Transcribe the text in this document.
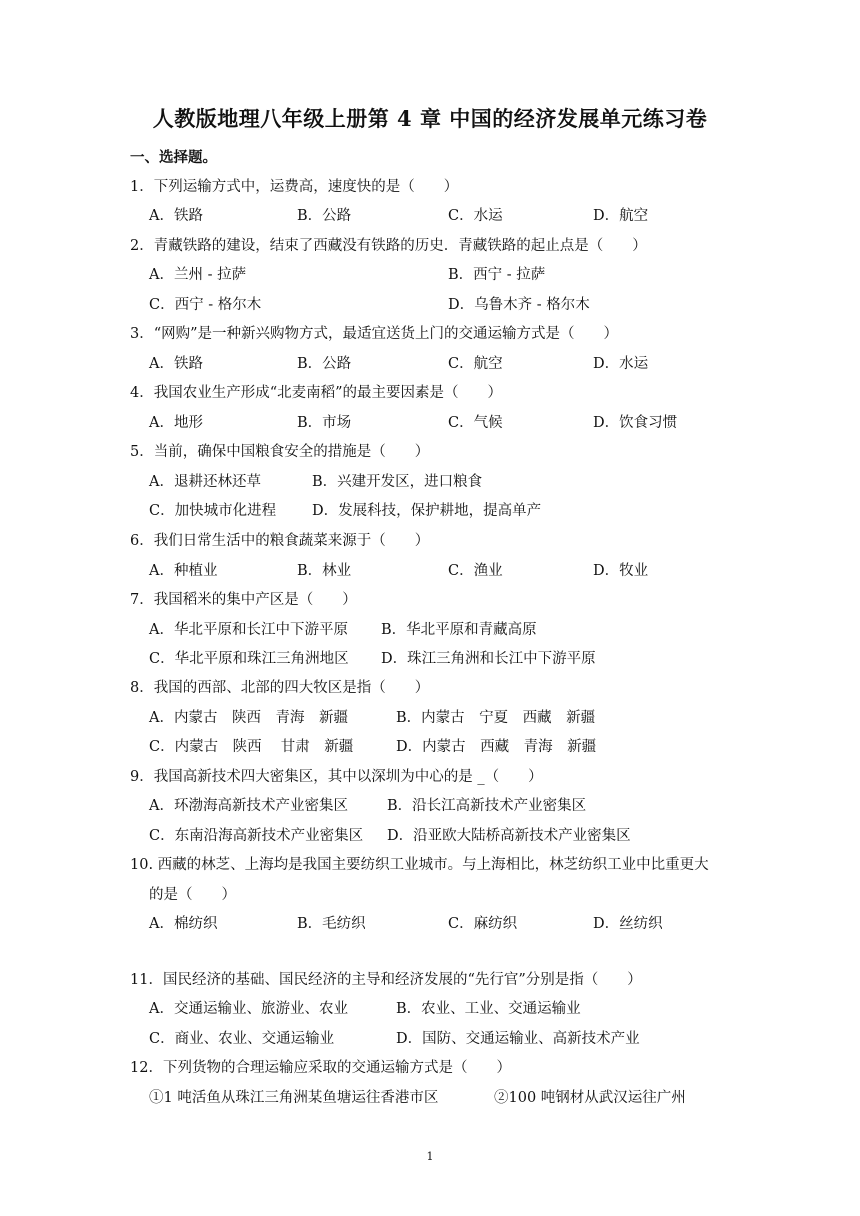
人教版地理八年级上册第 4 章 中国的经济发展单元练习卷
一、选择题。
1．下列运输方式中，运费高，速度快的是（　　）
A．铁路	B．公路	C．水运	D．航空
2．青藏铁路的建设，结束了西藏没有铁路的历史．青藏铁路的起止点是（　　）
A．兰州 - 拉萨	B．西宁 - 拉萨
C．西宁 - 格尔木	D．乌鲁木齐 - 格尔木
3．“网购”是一种新兴购物方式，最适宜送货上门的交通运输方式是（　　）
A．铁路	B．公路	C．航空	D．水运
4．我国农业生产形成“北麦南稻”的最主要因素是（　　）
A．地形	B．市场	C．气候	D．饮食习惯
5．当前，确保中国粮食安全的措施是（　　）
A．退耕还林还草	B．兴建开发区，进口粮食
C．加快城市化进程 D．发展科技，保护耕地，提高单产
6．我们日常生活中的粮食蔬菜来源于（　　）
A．种植业	B．林业	C．渔业	D．牧业
7．我国稻米的集中产区是（　　）
A．华北平原和长江中下游平原 B．华北平原和青藏高原
C．华北平原和珠江三角洲地区 D．珠江三角洲和长江中下游平原
8．我国的西部、北部的四大牧区是指（　　）
A．内蒙古　陕西　青海　新疆	B．内蒙古　宁夏　西藏　新疆
C．内蒙古　陕西　 甘肃　新疆	D．内蒙古　西藏　青海　新疆
9．我国高新技术四大密集区，其中以深圳为中心的是 _（　　）
A．环渤海高新技术产业密集区	B．沿长江高新技术产业密集区
C．东南沿海高新技术产业密集区 D．沿亚欧大陆桥高新技术产业密集区
10. 西藏的林芝、上海均是我国主要纺织工业城市。与上海相比，林芝纺织工业中比重更大
的是（　　）
A．棉纺织	B．毛纺织	C．麻纺织	D．丝纺织
11．国民经济的基础、国民经济的主导和经济发展的“先行官”分别是指（　　）
A．交通运输业、旅游业、农业	B．农业、工业、交通运输业
C．商业、农业、交通运输业	D．国防、交通运输业、高新技术产业
12．下列货物的合理运输应采取的交通运输方式是（　　）
①1 吨活鱼从珠江三角洲某鱼塘运往香港市区	②100 吨钢材从武汉运往广州
1
